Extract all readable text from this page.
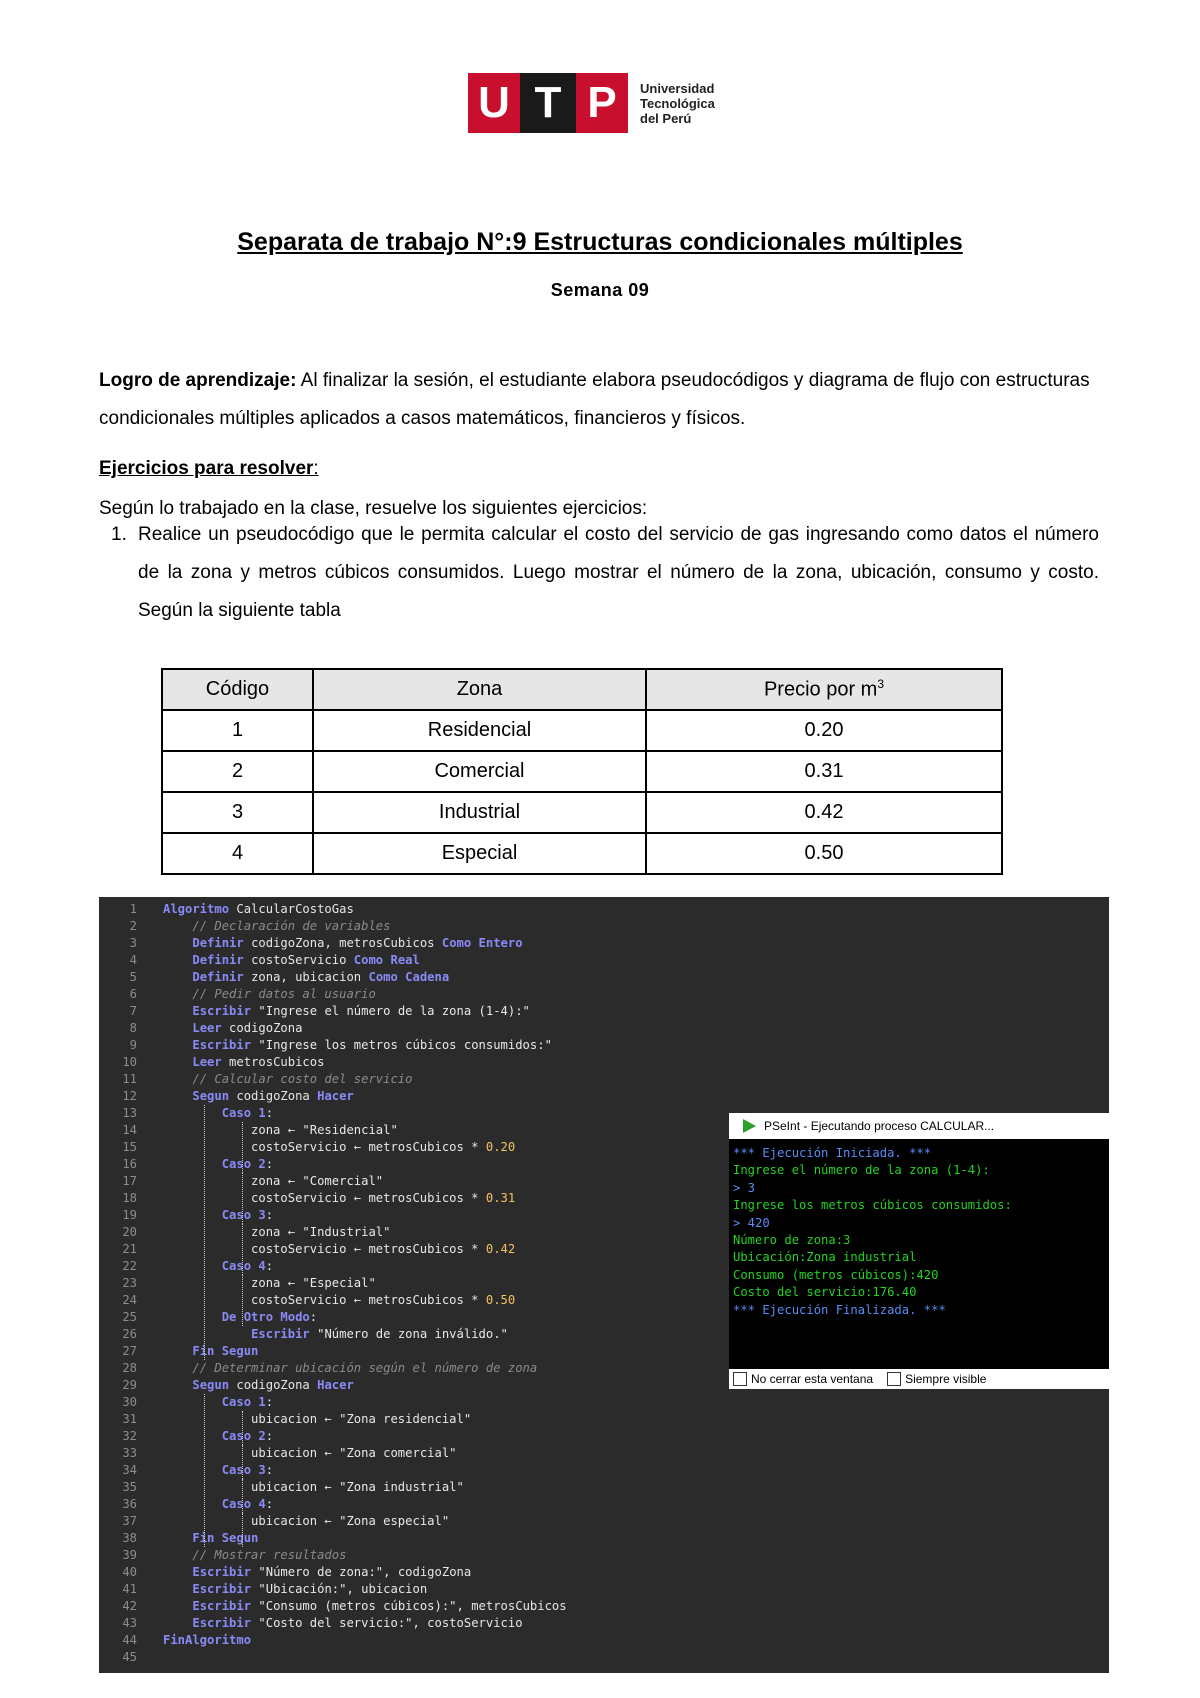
U T P	Universidad
Tecnológica
del Perú
Separata de trabajo N°:9 Estructuras condicionales múltiples
Semana 09
Logro de aprendizaje: Al finalizar la sesión, el estudiante elabora pseudocódigos y diagrama de flujo con estructuras condicionales múltiples aplicados a casos matemáticos, financieros y físicos.
Ejercicios para resolver:
Según lo trabajado en la clase, resuelve los siguientes ejercicios:
1. Realice un pseudocódigo que le permita calcular el costo del servicio de gas ingresando como datos el número de la zona y metros cúbicos consumidos. Luego mostrar el número de la zona, ubicación, consumo y costo. Según la siguiente tabla
Código	Zona	Precio por $m^3$
1	Residencial	0.20
2	Comercial	0.31
3	Industrial	0.42
4	Especial	0.50
1 Algoritmo CalcularCostoGas
2	// Declaración de variables
3	Definir codigoZona, metrosCubicos Como Entero
4	Definir costoServicio Como Real
5	Definir zona, ubicacion Como Cadena
6	// Pedir datos al usuario
7	Escribir "Ingrese el número de la zona (1-4):"
8	Leer codigoZona
9	Escribir "Ingrese los metros cúbicos consumidos:"
10	Leer metrosCubicos
11	// Calcular costo del servicio
12	Segun codigoZona Hacer
13	Caso 1:
14 zona ← "Residencial"
15 costoServicio ← metrosCubicos * 0.20
16	Caso 2:
17 zona ← "Comercial"
18 costoServicio ← metrosCubicos * 0.31
19	Caso 3:
20 zona ← "Industrial"
21 costoServicio ← metrosCubicos * 0.42
22	Caso 4:
23 zona ← "Especial"
24 costoServicio ← metrosCubicos * 0.50
25	De Otro Modo:
26	Escribir "Número de zona inválido."
27	Fin Segun
28	// Determinar ubicación según el número de zona
29	Segun codigoZona Hacer
30	Caso 1:
31 ubicacion ← "Zona residencial"
32	Caso 2:
33 ubicacion ← "Zona comercial"
34	Caso 3:
35 ubicacion ← "Zona industrial"
36	Caso 4:
37 ubicacion ← "Zona especial"
38	Fin Segun
39	// Mostrar resultados
40	Escribir "Número de zona:", codigoZona
41	Escribir "Ubicación:", ubicacion
42	Escribir "Consumo (metros cúbicos):", metrosCubicos
43	Escribir "Costo del servicio:", costoServicio
44 FinAlgoritmo
45
PSeInt - Ejecutando proceso CALCULAR...
*** Ejecución Iniciada. ***
Ingrese el número de la zona (1-4):
> 3
Ingrese los metros cúbicos consumidos:
> 420
Número de zona:3
Ubicación:Zona industrial
Consumo (metros cúbicos):420
Costo del servicio:176.40
*** Ejecución Finalizada. ***
No cerrar esta ventana	Siempre visible
